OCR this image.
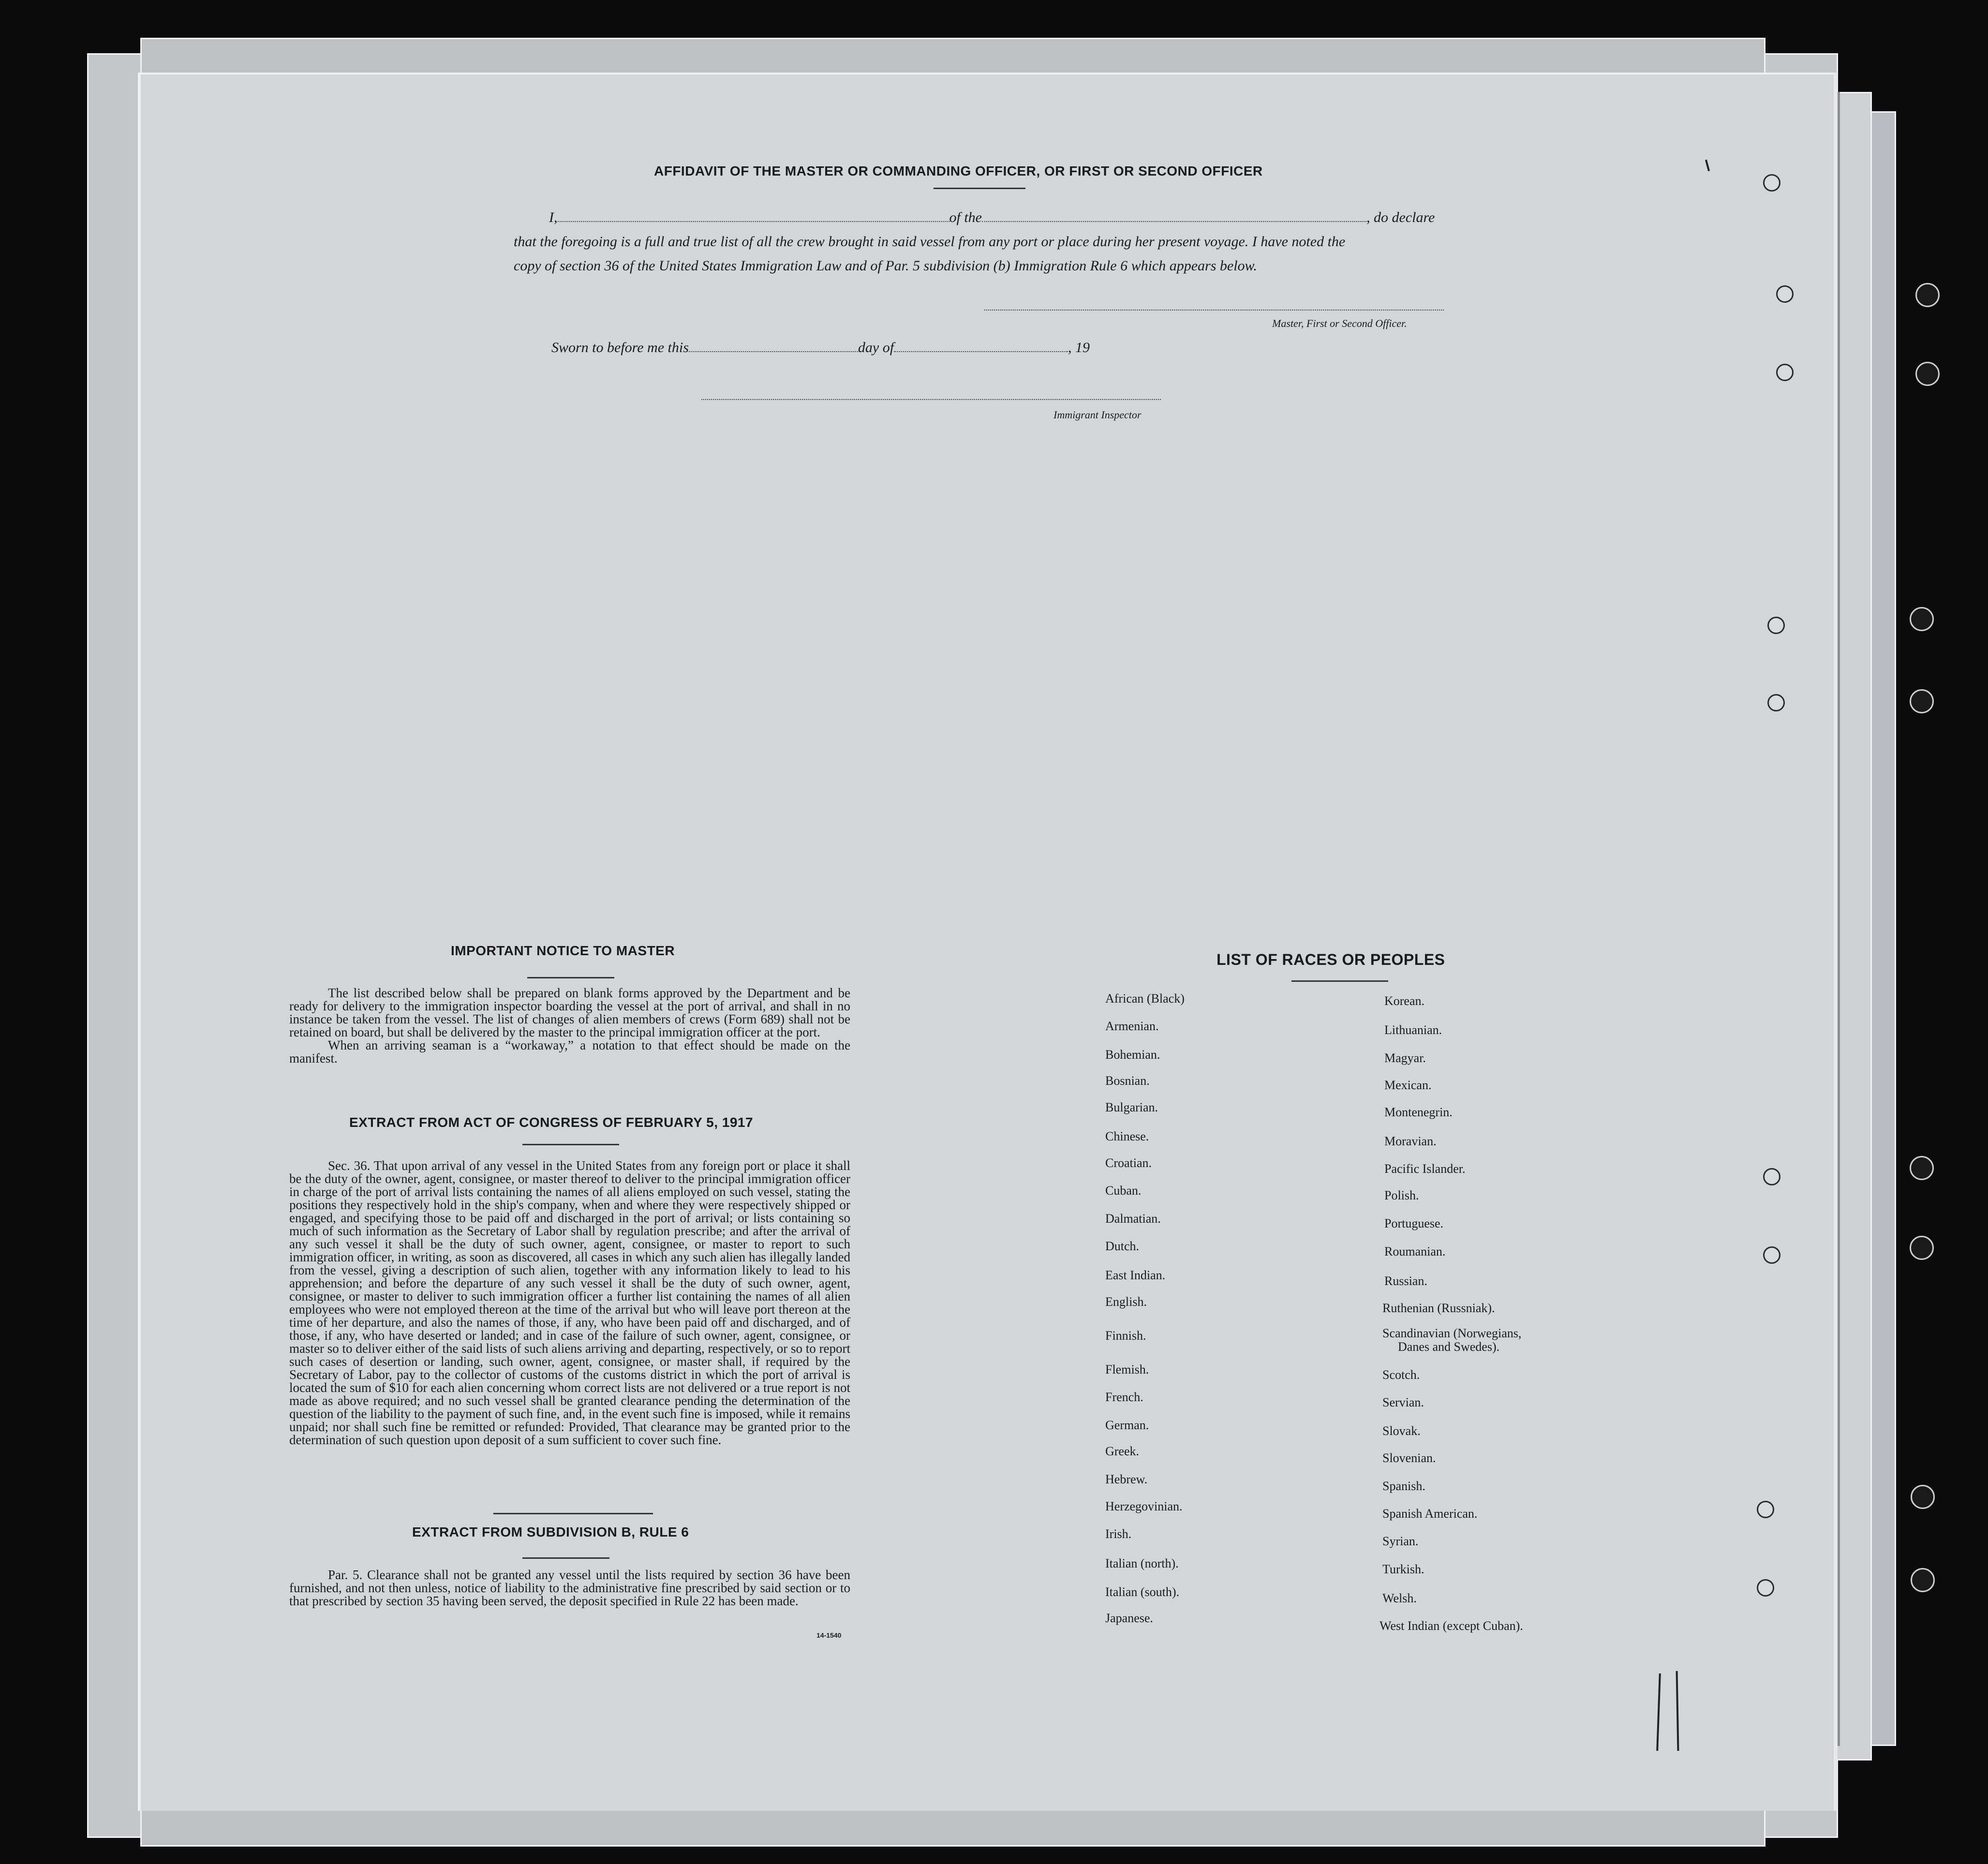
AFFIDAVIT OF THE MASTER OR COMMANDING OFFICER, OR FIRST OR SECOND OFFICER
I,	of the	, do declare
that the foregoing is a full and true list of all the crew brought in said vessel from any port or place during her present voyage. I have noted the
copy of section 36 of the United States Immigration Law and of Par. 5 subdivision (b) Immigration Rule 6 which appears below.
Master, First or Second Officer.
Sworn to before me this	day of	, 19
Immigrant Inspector
IMPORTANT NOTICE TO MASTER

The list described below shall be prepared on blank forms approved by the Department and be ready for delivery to the immigration inspector boarding the vessel at the port of arrival, and shall in no instance be taken from the vessel. The list of changes of alien members of crews (Form 689) shall not be retained on board, but shall be delivered by the master to the principal immigration officer at the port.

When an arriving seaman is a “workaway,” a notation to that effect should be made on the manifest.

EXTRACT FROM ACT OF CONGRESS OF FEBRUARY 5, 1917

Sec. 36. That upon arrival of any vessel in the United States from any foreign port or place it shall be the duty of the owner, agent, consignee, or master thereof to deliver to the principal immigration officer in charge of the port of arrival lists containing the names of all aliens employed on such vessel, stating the positions they respectively hold in the ship's company, when and where they were respectively shipped or engaged, and specifying those to be paid off and discharged in the port of arrival; or lists containing so much of such information as the Secretary of Labor shall by regulation prescribe; and after the arrival of any such vessel it shall be the duty of such owner, agent, consignee, or master to report to such immigration officer, in writing, as soon as discovered, all cases in which any such alien has illegally landed from the vessel, giving a description of such alien, together with any information likely to lead to his apprehension; and before the departure of any such vessel it shall be the duty of such owner, agent, consignee, or master to deliver to such immigration officer a further list containing the names of all alien employees who were not employed thereon at the time of the arrival but who will leave port thereon at the time of her departure, and also the names of those, if any, who have been paid off and discharged, and of those, if any, who have deserted or landed; and in case of the failure of such owner, agent, consignee, or master so to deliver either of the said lists of such aliens arriving and departing, respectively, or so to report such cases of desertion or landing, such owner, agent, consignee, or master shall, if required by the Secretary of Labor, pay to the collector of customs of the customs district in which the port of arrival is located the sum of $10 for each alien concerning whom correct lists are not delivered or a true report is not made as above required; and no such vessel shall be granted clearance pending the determination of the question of the liability to the payment of such fine, and, in the event such fine is imposed, while it remains unpaid; nor shall such fine be remitted or refunded: Provided, That clearance may be granted prior to the determination of such question upon deposit of a sum sufficient to cover such fine.

EXTRACT FROM SUBDIVISION B, RULE 6

Par. 5. Clearance shall not be granted any vessel until the lists required by section 36 have been furnished, and not then unless, notice of liability to the administrative fine prescribed by said section or to that prescribed by section 35 having been served, the deposit specified in Rule 22 has been made.

14-1540
LIST OF RACES OR PEOPLES
African (Black)
Armenian.
Bohemian.
Bosnian.
Bulgarian.
Chinese.
Croatian.
Cuban.
Dalmatian.
Dutch.
East Indian.
English.
Finnish.
Flemish.
French.
German.
Greek.
Hebrew.
Herzegovinian.
Irish.
Italian (north).
Italian (south).
Japanese.
Korean.
Lithuanian.
Magyar.
Mexican.
Montenegrin.
Moravian.
Pacific Islander.
Polish.
Portuguese.
Roumanian.
Russian.
Ruthenian (Russniak).
Scandinavian (Norwegians,
Danes and Swedes).
Scotch.
Servian.
Slovak.
Slovenian.
Spanish.
Spanish American.
Syrian.
Turkish.
Welsh.
West Indian (except Cuban).
